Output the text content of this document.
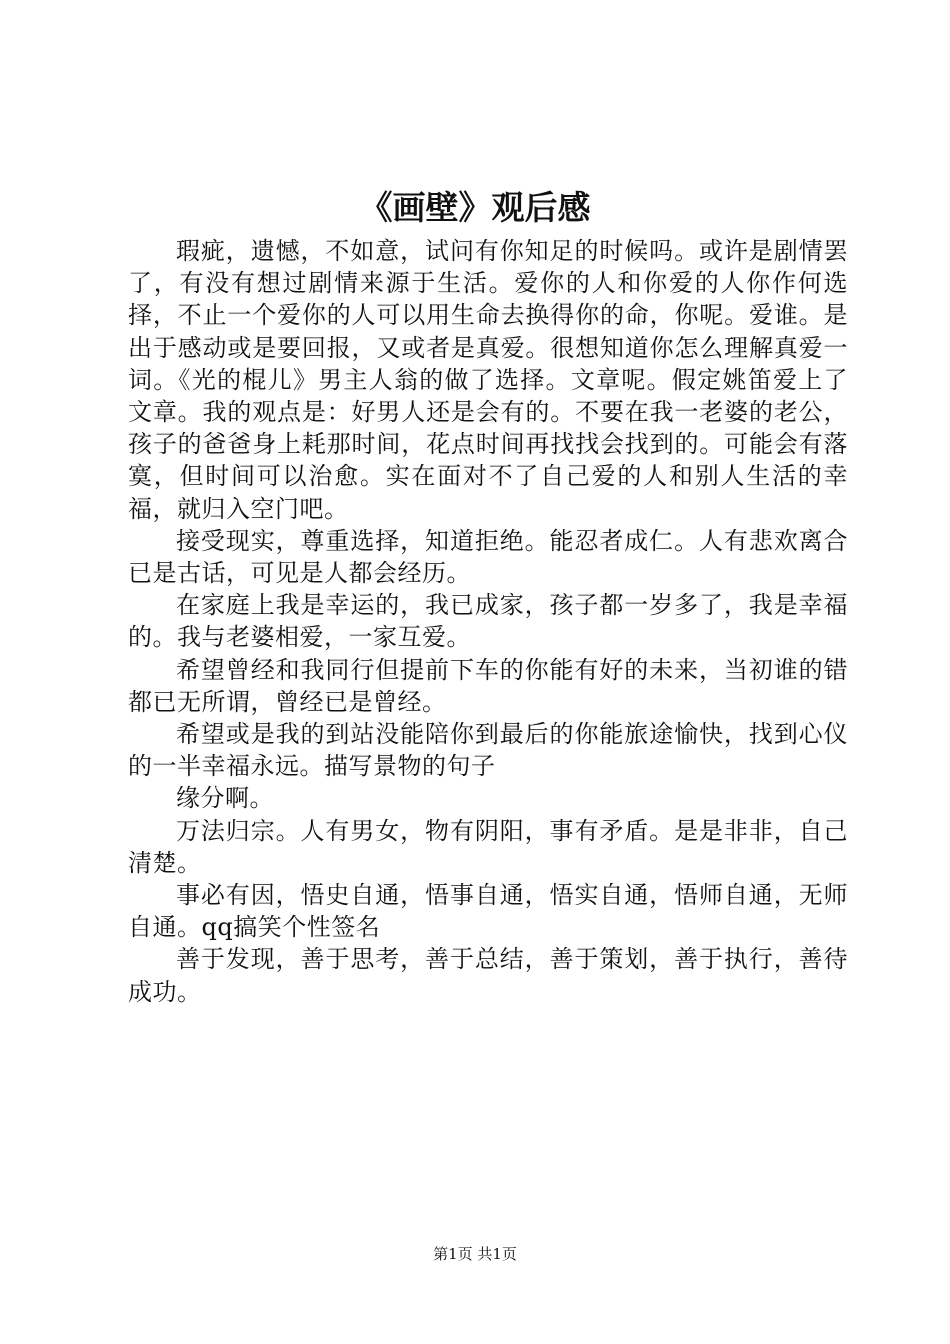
《画壁》观后感

瑕疵，遗憾，不如意，试问有你知足的时候吗。或许是剧情罢了，有没有想过剧情来源于生活。爱你的人和你爱的人你作何选择，不止一个爱你的人可以用生命去换得你的命，你呢。爱谁。是出于感动或是要回报，又或者是真爱。很想知道你怎么理解真爱一词。《光的棍儿》男主人翁的做了选择。文章呢。假定姚笛爱上了文章。我的观点是：好男人还是会有的。不要在我一老婆的老公，孩子的爸爸身上耗那时间，花点时间再找找会找到的。可能会有落寞，但时间可以治愈。实在面对不了自己爱的人和别人生活的幸福，就归入空门吧。

接受现实，尊重选择，知道拒绝。能忍者成仁。人有悲欢离合已是古话，可见是人都会经历。

在家庭上我是幸运的，我已成家，孩子都一岁多了，我是幸福的。我与老婆相爱，一家互爱。

希望曾经和我同行但提前下车的你能有好的未来，当初谁的错都已无所谓，曾经已是曾经。

希望或是我的到站没能陪你到最后的你能旅途愉快，找到心仪的一半幸福永远。描写景物的句子

缘分啊。

万法归宗。人有男女，物有阴阳，事有矛盾。是是非非，自己清楚。

事必有因，悟史自通，悟事自通，悟实自通，悟师自通，无师自通。qq搞笑个性签名

善于发现，善于思考，善于总结，善于策划，善于执行，善待成功。

第1页 共1页
